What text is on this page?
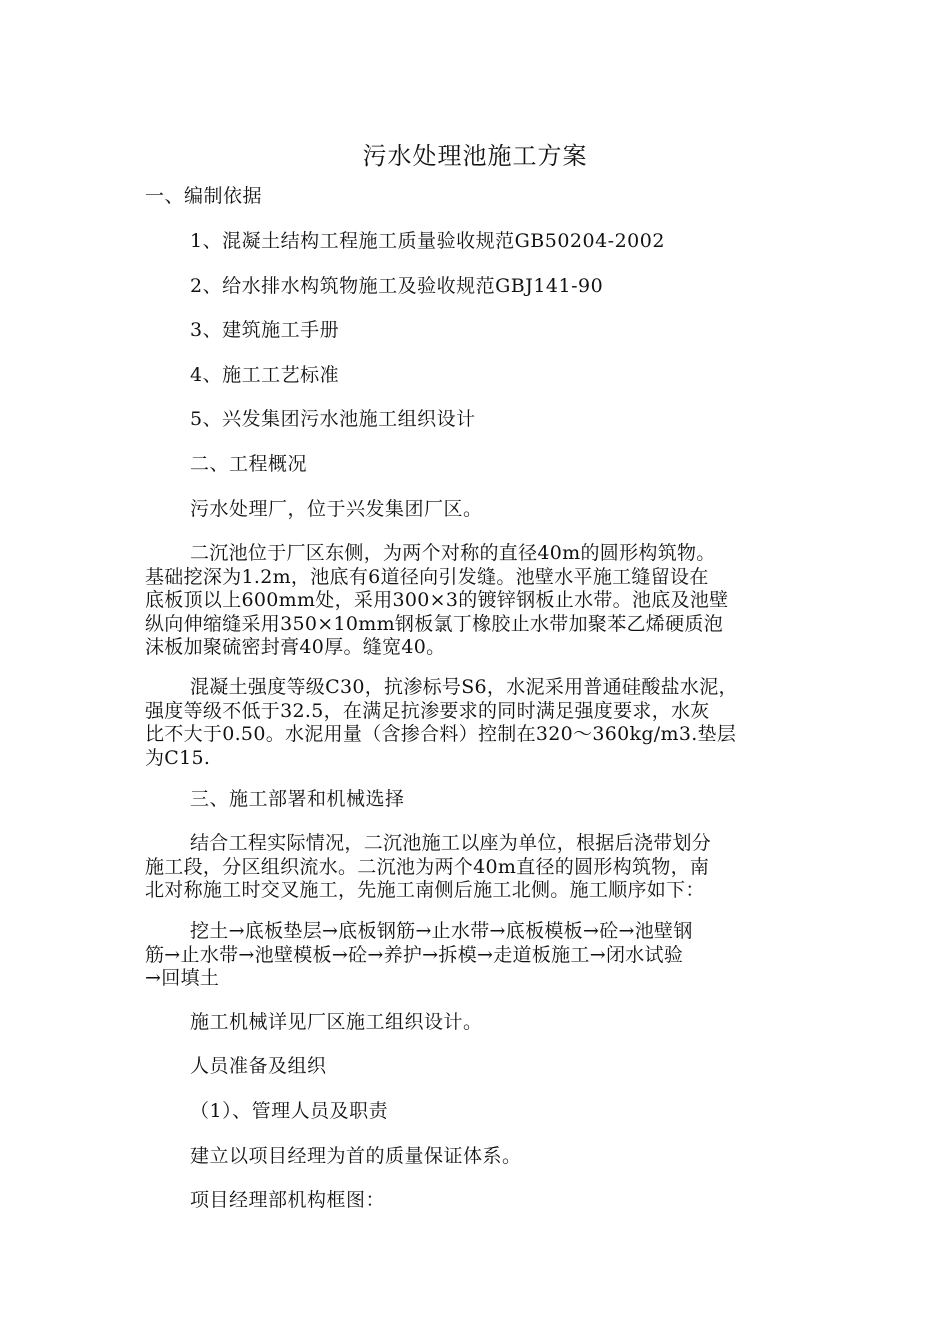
污水处理池施工方案
一、编制依据
1、混凝土结构工程施工质量验收规范GB50204-2002
2、给水排水构筑物施工及验收规范GBJ141-90
3、建筑施工手册
4、施工工艺标准
5、兴发集团污水池施工组织设计
二、工程概况
污水处理厂，位于兴发集团厂区。

二沉池位于厂区东侧，为两个对称的直径40m的圆形构筑物。

基础挖深为1.2m，池底有6道径向引发缝。池壁水平施工缝留设在

底板顶以上600mm处，采用300×3的镀锌钢板止水带。池底及池壁

纵向伸缩缝采用350×10mm钢板氯丁橡胶止水带加聚苯乙烯硬质泡

沫板加聚硫密封膏40厚。缝宽40。

混凝土强度等级C30，抗渗标号S6，水泥采用普通硅酸盐水泥，

强度等级不低于32.5，在满足抗渗要求的同时满足强度要求，水灰

比不大于0.50。水泥用量（含掺合料）控制在320～360kg/m3.垫层

为C15.

三、施工部署和机械选择

结合工程实际情况，二沉池施工以座为单位，根据后浇带划分

施工段，分区组织流水。二沉池为两个40m直径的圆形构筑物，南

北对称施工时交叉施工，先施工南侧后施工北侧。施工顺序如下：

挖土→底板垫层→底板钢筋→止水带→底板模板→砼→池壁钢

筋→止水带→池壁模板→砼→养护→拆模→走道板施工→闭水试验

→回填土

施工机械详见厂区施工组织设计。
人员准备及组织
（1）、管理人员及职责
建立以项目经理为首的质量保证体系。
项目经理部机构框图：
